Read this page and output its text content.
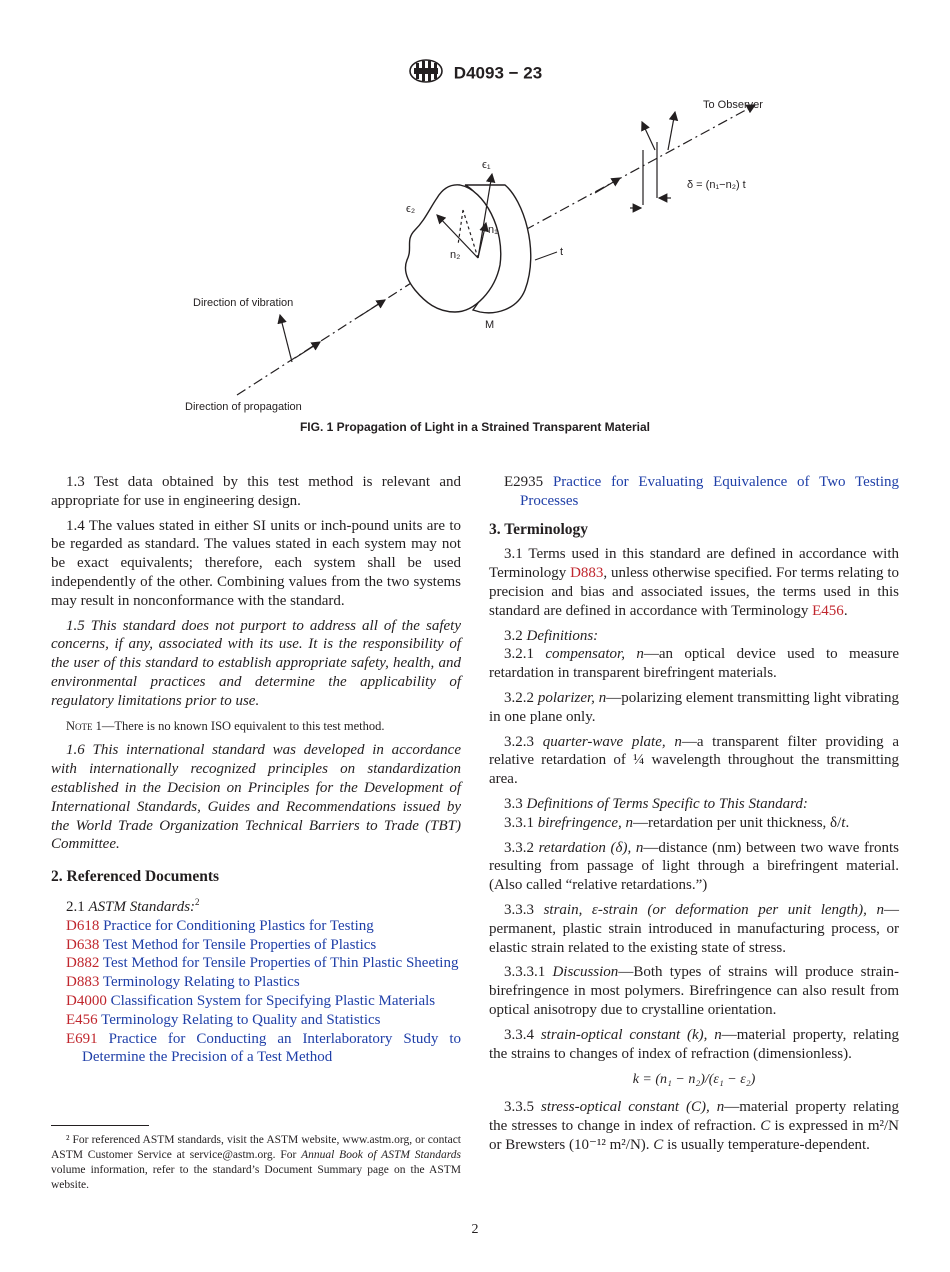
D4093 − 23
To Observer
δ = (n₁−n₂) t
ϵ₁
ϵ₂
n₁
n₂	t
M
Direction of vibration
Direction of propagation
FIG. 1 Propagation of Light in a Strained Transparent Material

1.3 Test data obtained by this test method is relevant and appropriate for use in engineering design.

1.4 The values stated in either SI units or inch-pound units are to be regarded as standard. The values stated in each system may not be exact equivalents; therefore, each system shall be used independently of the other. Combining values from the two systems may result in nonconformance with the standard.

1.5 This standard does not purport to address all of the safety concerns, if any, associated with its use. It is the responsibility of the user of this standard to establish appropriate safety, health, and environmental practices and determine the applicability of regulatory limitations prior to use.

Note 1—There is no known ISO equivalent to this test method.

1.6 This international standard was developed in accordance with internationally recognized principles on standardization established in the Decision on Principles for the Development of International Standards, Guides and Recommendations issued by the World Trade Organization Technical Barriers to Trade (TBT) Committee.

2. Referenced Documents

2.1 ASTM Standards:$^2$

D618 Practice for Conditioning Plastics for Testing
D638 Test Method for Tensile Properties of Plastics
D882 Test Method for Tensile Properties of Thin Plastic Sheeting
D883 Terminology Relating to Plastics
D4000 Classification System for Specifying Plastic Materials
E456 Terminology Relating to Quality and Statistics
E691 Practice for Conducting an Interlaboratory Study to Determine the Precision of a Test Method
E2935 Practice for Evaluating Equivalence of Two Testing Processes
3. Terminology

3.1 Terms used in this standard are defined in accordance with Terminology D883, unless otherwise specified. For terms relating to precision and bias and associated issues, the terms used in this standard are defined in accordance with Terminology E456.

3.2 Definitions:

3.2.1 compensator, n—an optical device used to measure retardation in transparent birefringent materials.

3.2.2 polarizer, n—polarizing element transmitting light vibrating in one plane only.

3.2.3 quarter-wave plate, n—a transparent filter providing a relative retardation of ¼ wavelength throughout the transmitting area.

3.3 Definitions of Terms Specific to This Standard:

3.3.1 birefringence, n—retardation per unit thickness, δ/t.

3.3.2 retardation (δ), n—distance (nm) between two wave fronts resulting from passage of light through a birefringent material. (Also called “relative retardations.”)

3.3.3 strain, ε-strain (or deformation per unit length), n—permanent, plastic strain introduced in manufacturing process, or elastic strain related to the existing state of stress.

3.3.3.1 Discussion—Both types of strains will produce strain-birefringence in most polymers. Birefringence can also result from optical anisotropy due to crystalline orientation.

3.3.4 strain-optical constant (k), n—material property, relating the strains to changes of index of refraction (dimensionless).

k = (n₁ − n₂)/(ε₁ − ε₂)

3.3.5 stress-optical constant (C), n—material property relating the stresses to change in index of refraction. C is expressed in m²/N or Brewsters (10⁻¹² m²/N). C is usually temperature-dependent.

² For referenced ASTM standards, visit the ASTM website, www.astm.org, or contact ASTM Customer Service at service@astm.org. For Annual Book of ASTM Standards volume information, refer to the standard’s Document Summary page on the ASTM website.
2
